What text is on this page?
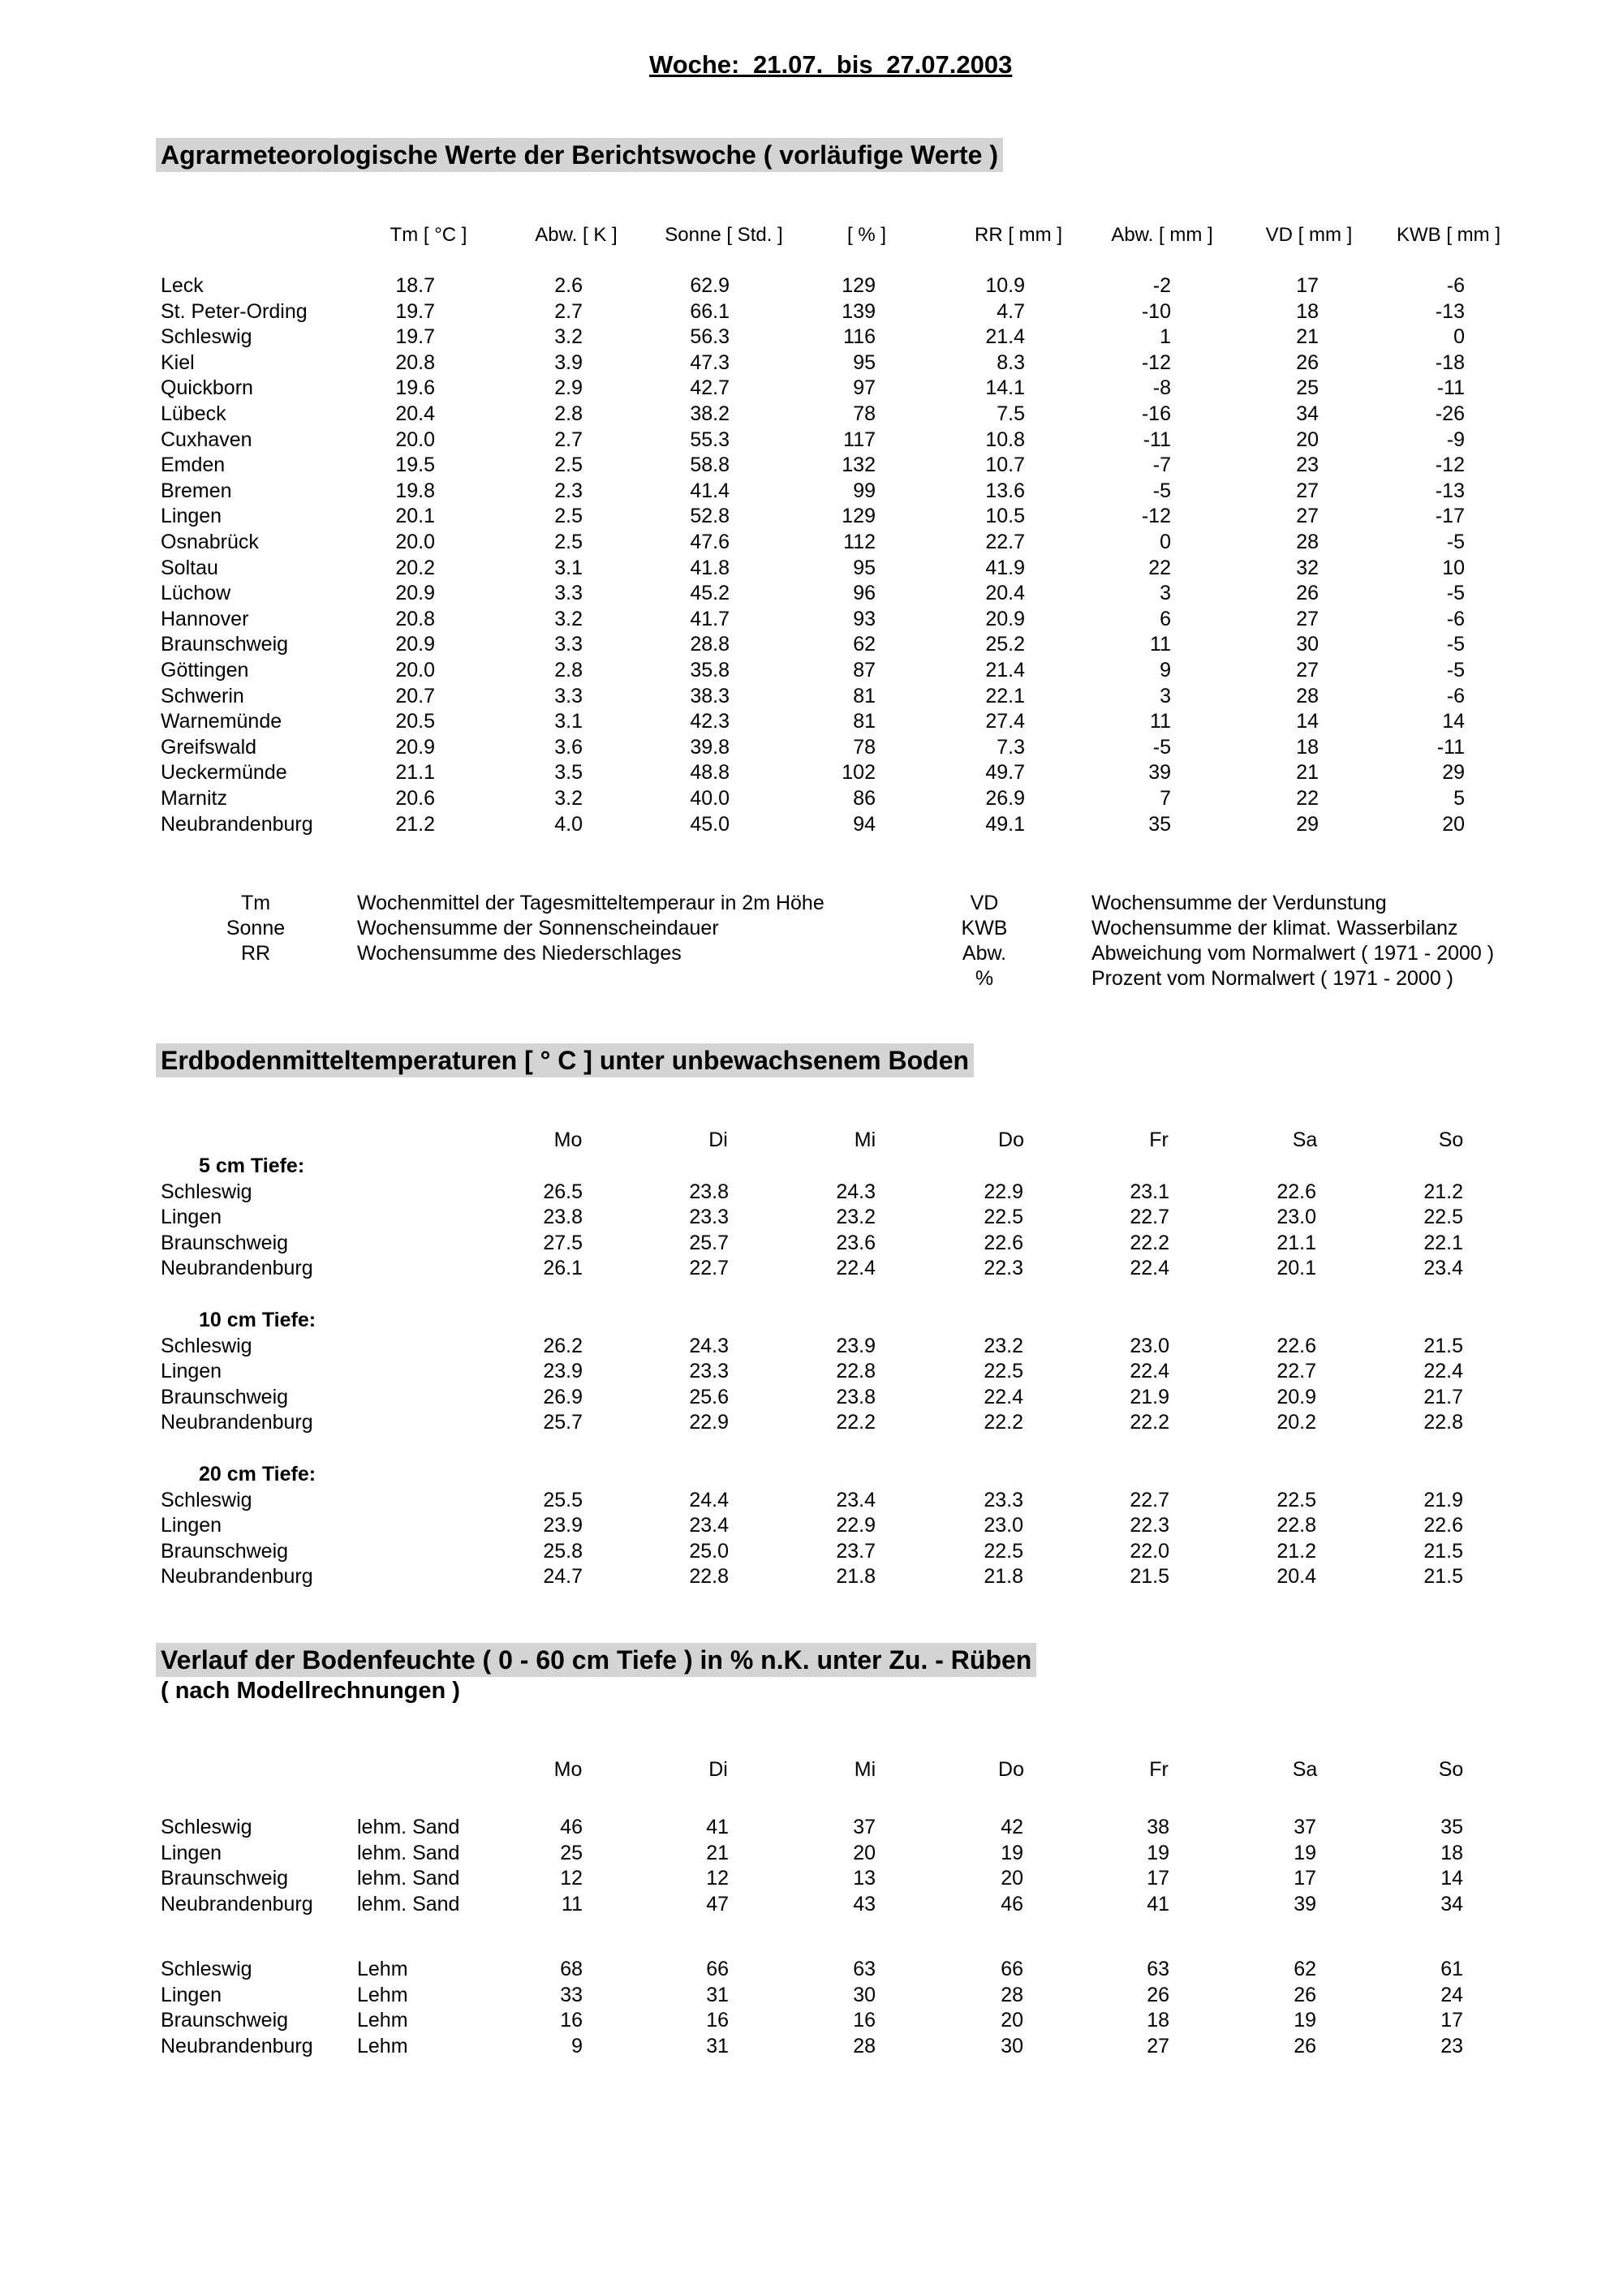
Woche: 21.07. bis 27.07.2003
Agrarmeteorologische Werte der Berichtswoche ( vorläufige Werte )
Tm [ °C ]	Abw. [ K ]	Sonne [ Std. ]	[ % ]	RR [ mm ]	Abw. [ mm ]	VD [ mm ]	KWB [ mm ]
Leck	18.7	2.6	62.9	129	10.9	-2	17	-6
St. Peter-Ording	19.7	2.7	66.1	139	4.7	-10	18	-13
Schleswig	19.7	3.2	56.3	116	21.4	1	21	0
Kiel	20.8	3.9	47.3	95	8.3	-12	26	-18
Quickborn	19.6	2.9	42.7	97	14.1	-8	25	-11
Lübeck	20.4	2.8	38.2	78	7.5	-16	34	-26
Cuxhaven	20.0	2.7	55.3	117	10.8	-11	20	-9
Emden	19.5	2.5	58.8	132	10.7	-7	23	-12
Bremen	19.8	2.3	41.4	99	13.6	-5	27	-13
Lingen	20.1	2.5	52.8	129	10.5	-12	27	-17
Osnabrück	20.0	2.5	47.6	112	22.7	0	28	-5
Soltau	20.2	3.1	41.8	95	41.9	22	32	10
Lüchow	20.9	3.3	45.2	96	20.4	3	26	-5
Hannover	20.8	3.2	41.7	93	20.9	6	27	-6
Braunschweig	20.9	3.3	28.8	62	25.2	11	30	-5
Göttingen	20.0	2.8	35.8	87	21.4	9	27	-5
Schwerin	20.7	3.3	38.3	81	22.1	3	28	-6
Warnemünde	20.5	3.1	42.3	81	27.4	11	14	14
Greifswald	20.9	3.6	39.8	78	7.3	-5	18	-11
Ueckermünde	21.1	3.5	48.8	102	49.7	39	21	29
Marnitz	20.6	3.2	40.0	86	26.9	7	22	5
Neubrandenburg	21.2	4.0	45.0	94	49.1	35	29	20
Tm	Wochenmittel der Tagesmitteltemperaur in 2m Höhe
Sonne	Wochensumme der Sonnenscheindauer
RR	Wochensumme des Niederschlages
VD	Wochensumme der Verdunstung
KWB	Wochensumme der klimat. Wasserbilanz
Abw.	Abweichung vom Normalwert ( 1971 - 2000 )
%	Prozent vom Normalwert ( 1971 - 2000 )
Erdbodenmitteltemperaturen [ ° C ] unter unbewachsenem Boden
Mo	Di	Mi	Do	Fr	Sa	So
5 cm Tiefe:
Schleswig	26.5	23.8	24.3	22.9	23.1	22.6	21.2
Lingen	23.8	23.3	23.2	22.5	22.7	23.0	22.5
Braunschweig	27.5	25.7	23.6	22.6	22.2	21.1	22.1
Neubrandenburg	26.1	22.7	22.4	22.3	22.4	20.1	23.4
10 cm Tiefe:
Schleswig	26.2	24.3	23.9	23.2	23.0	22.6	21.5
Lingen	23.9	23.3	22.8	22.5	22.4	22.7	22.4
Braunschweig	26.9	25.6	23.8	22.4	21.9	20.9	21.7
Neubrandenburg	25.7	22.9	22.2	22.2	22.2	20.2	22.8
20 cm Tiefe:
Schleswig	25.5	24.4	23.4	23.3	22.7	22.5	21.9
Lingen	23.9	23.4	22.9	23.0	22.3	22.8	22.6
Braunschweig	25.8	25.0	23.7	22.5	22.0	21.2	21.5
Neubrandenburg	24.7	22.8	21.8	21.8	21.5	20.4	21.5
Verlauf der Bodenfeuchte ( 0 - 60 cm Tiefe ) in % n.K. unter Zu. - Rüben
( nach Modellrechnungen )
Mo	Di	Mi	Do	Fr	Sa	So
Schleswig	lehm. Sand	46	41	37	42	38	37	35
Lingen	lehm. Sand	25	21	20	19	19	19	18
Braunschweig	lehm. Sand	12	12	13	20	17	17	14
Neubrandenburg lehm. Sand	11	47	43	46	41	39	34
Schleswig	Lehm	68	66	63	66	63	62	61
Lingen	Lehm	33	31	30	28	26	26	24
Braunschweig	Lehm	16	16	16	20	18	19	17
Neubrandenburg Lehm	9	31	28	30	27	26	23
